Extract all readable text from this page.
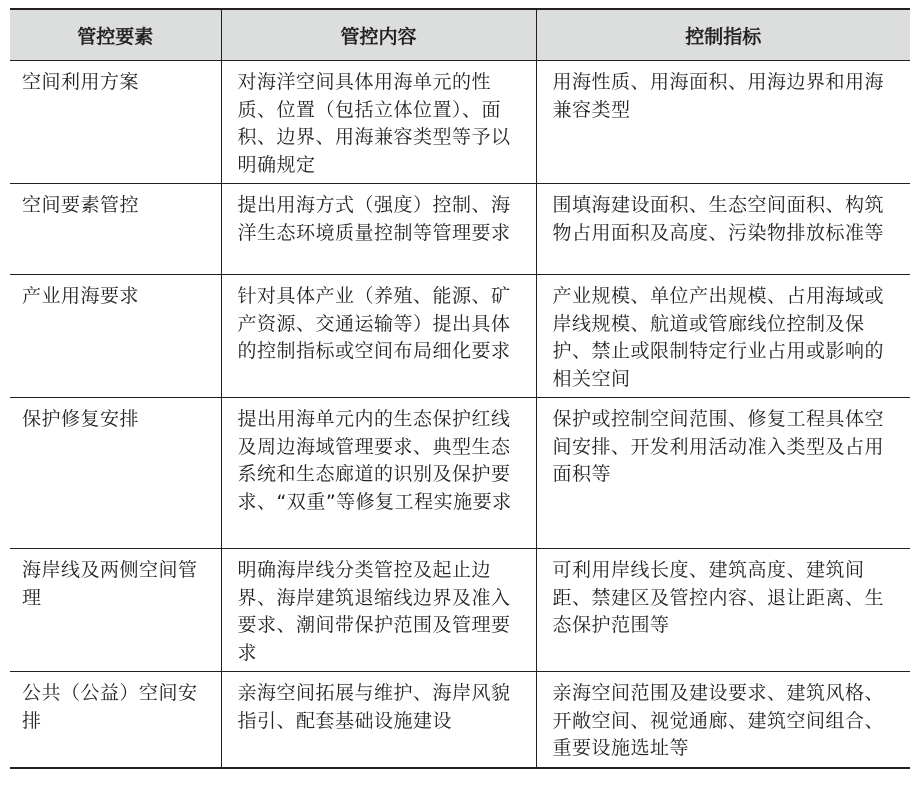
管控要素	管控内容	控制指标
空间利用方案	对海洋空间具体用海单元的性质、位置（包括立体位置）、面积、边界、用海兼容类型等予以明确规定	用海性质、用海面积、用海边界和用海兼容类型
空间要素管控	提出用海方式（强度）控制、海洋生态环境质量控制等管理要求	围填海建设面积、生态空间面积、构筑物占用面积及高度、污染物排放标准等
产业用海要求	针对具体产业（养殖、能源、矿产资源、交通运输等）提出具体的控制指标或空间布局细化要求	产业规模、单位产出规模、占用海域或岸线规模、航道或管廊线位控制及保护、禁止或限制特定行业占用或影响的相关空间
保护修复安排	提出用海单元内的生态保护红线及周边海域管理要求、典型生态系统和生态廊道的识别及保护要求、“双重”等修复工程实施要求	保护或控制空间范围、修复工程具体空间安排、开发利用活动准入类型及占用面积等
海岸线及两侧空间管理	明确海岸线分类管控及起止边界、海岸建筑退缩线边界及准入要求、潮间带保护范围及管理要求	可利用岸线长度、建筑高度、建筑间距、禁建区及管控内容、退让距离、生态保护范围等
公共（公益）空间安排	亲海空间拓展与维护、海岸风貌指引、配套基础设施建设	亲海空间范围及建设要求、建筑风格、开敞空间、视觉通廊、建筑空间组合、重要设施选址等
